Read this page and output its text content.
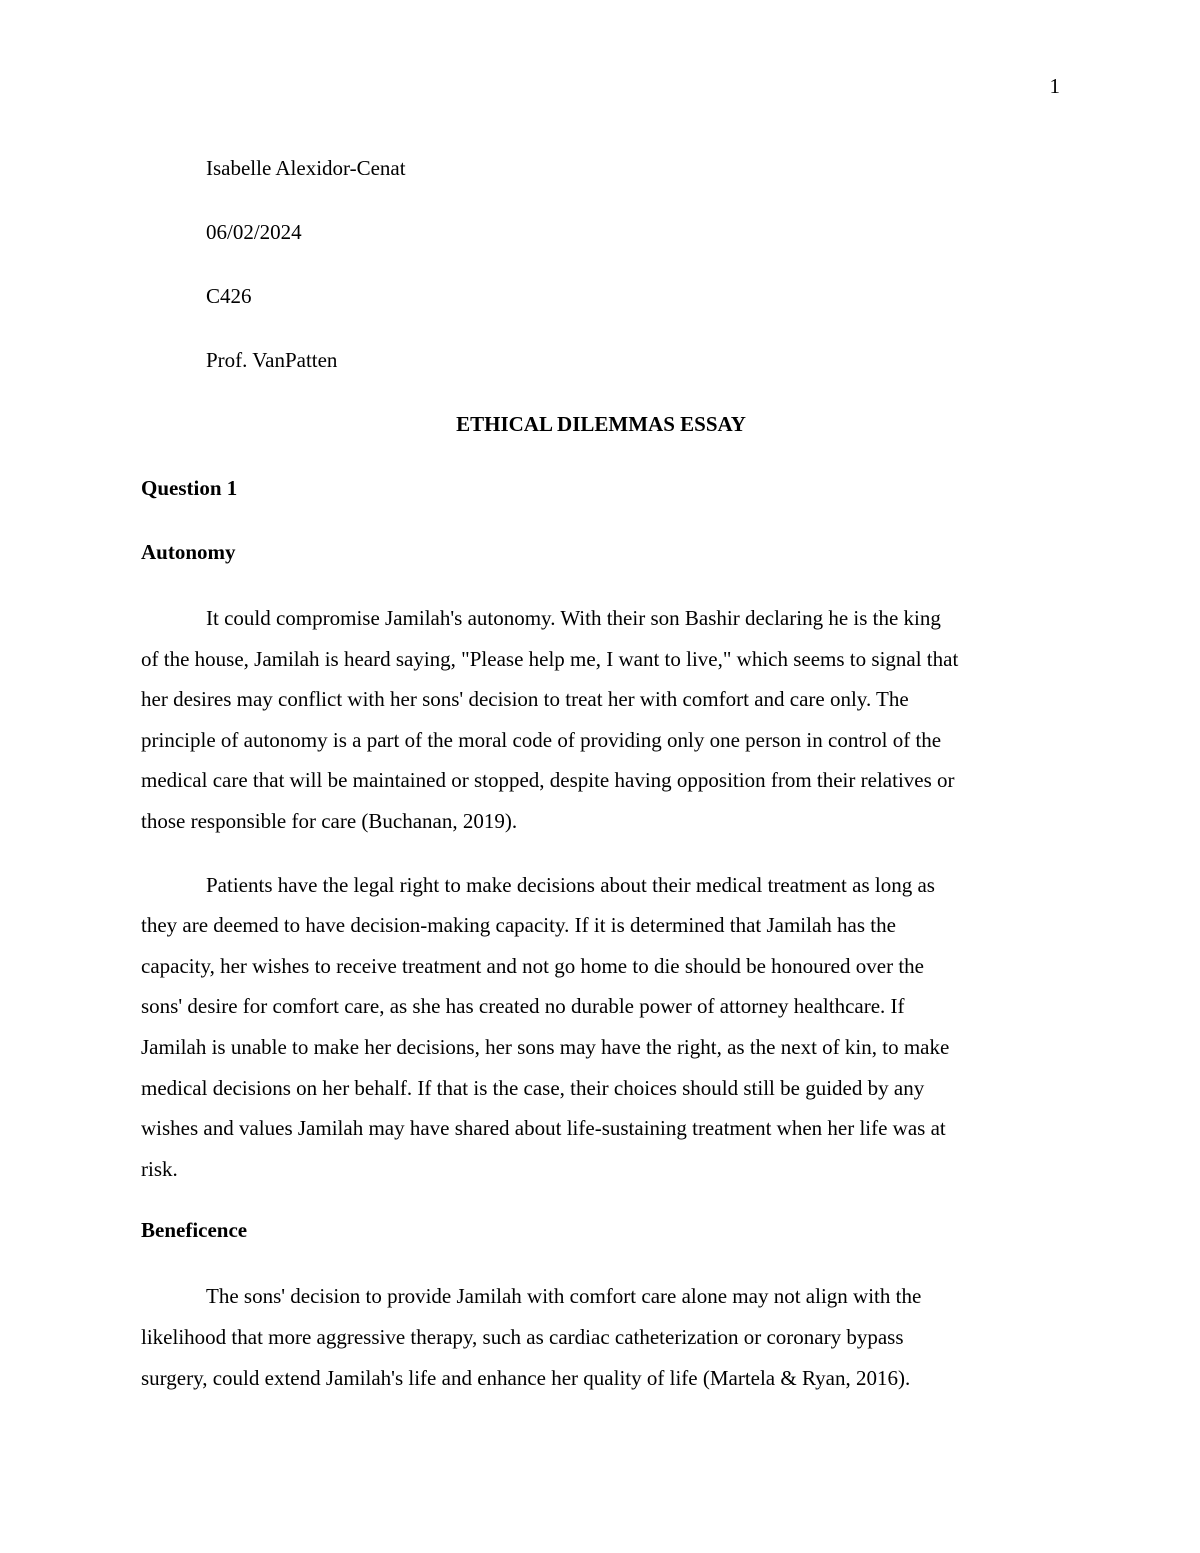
1

Isabelle Alexidor-Cenat

06/02/2024

C426

Prof. VanPatten

ETHICAL DILEMMAS ESSAY

Question 1

Autonomy

It could compromise Jamilah's autonomy. With their son Bashir declaring he is the king
of the house, Jamilah is heard saying, "Please help me, I want to live," which seems to signal that
her desires may conflict with her sons' decision to treat her with comfort and care only. The
principle of autonomy is a part of the moral code of providing only one person in control of the
medical care that will be maintained or stopped, despite having opposition from their relatives or
those responsible for care (Buchanan, 2019).

Patients have the legal right to make decisions about their medical treatment as long as
they are deemed to have decision-making capacity. If it is determined that Jamilah has the
capacity, her wishes to receive treatment and not go home to die should be honoured over the
sons' desire for comfort care, as she has created no durable power of attorney healthcare. If
Jamilah is unable to make her decisions, her sons may have the right, as the next of kin, to make
medical decisions on her behalf. If that is the case, their choices should still be guided by any
wishes and values Jamilah may have shared about life-sustaining treatment when her life was at
risk.

Beneficence

The sons' decision to provide Jamilah with comfort care alone may not align with the
likelihood that more aggressive therapy, such as cardiac catheterization or coronary bypass
surgery, could extend Jamilah's life and enhance her quality of life (Martela & Ryan, 2016).
